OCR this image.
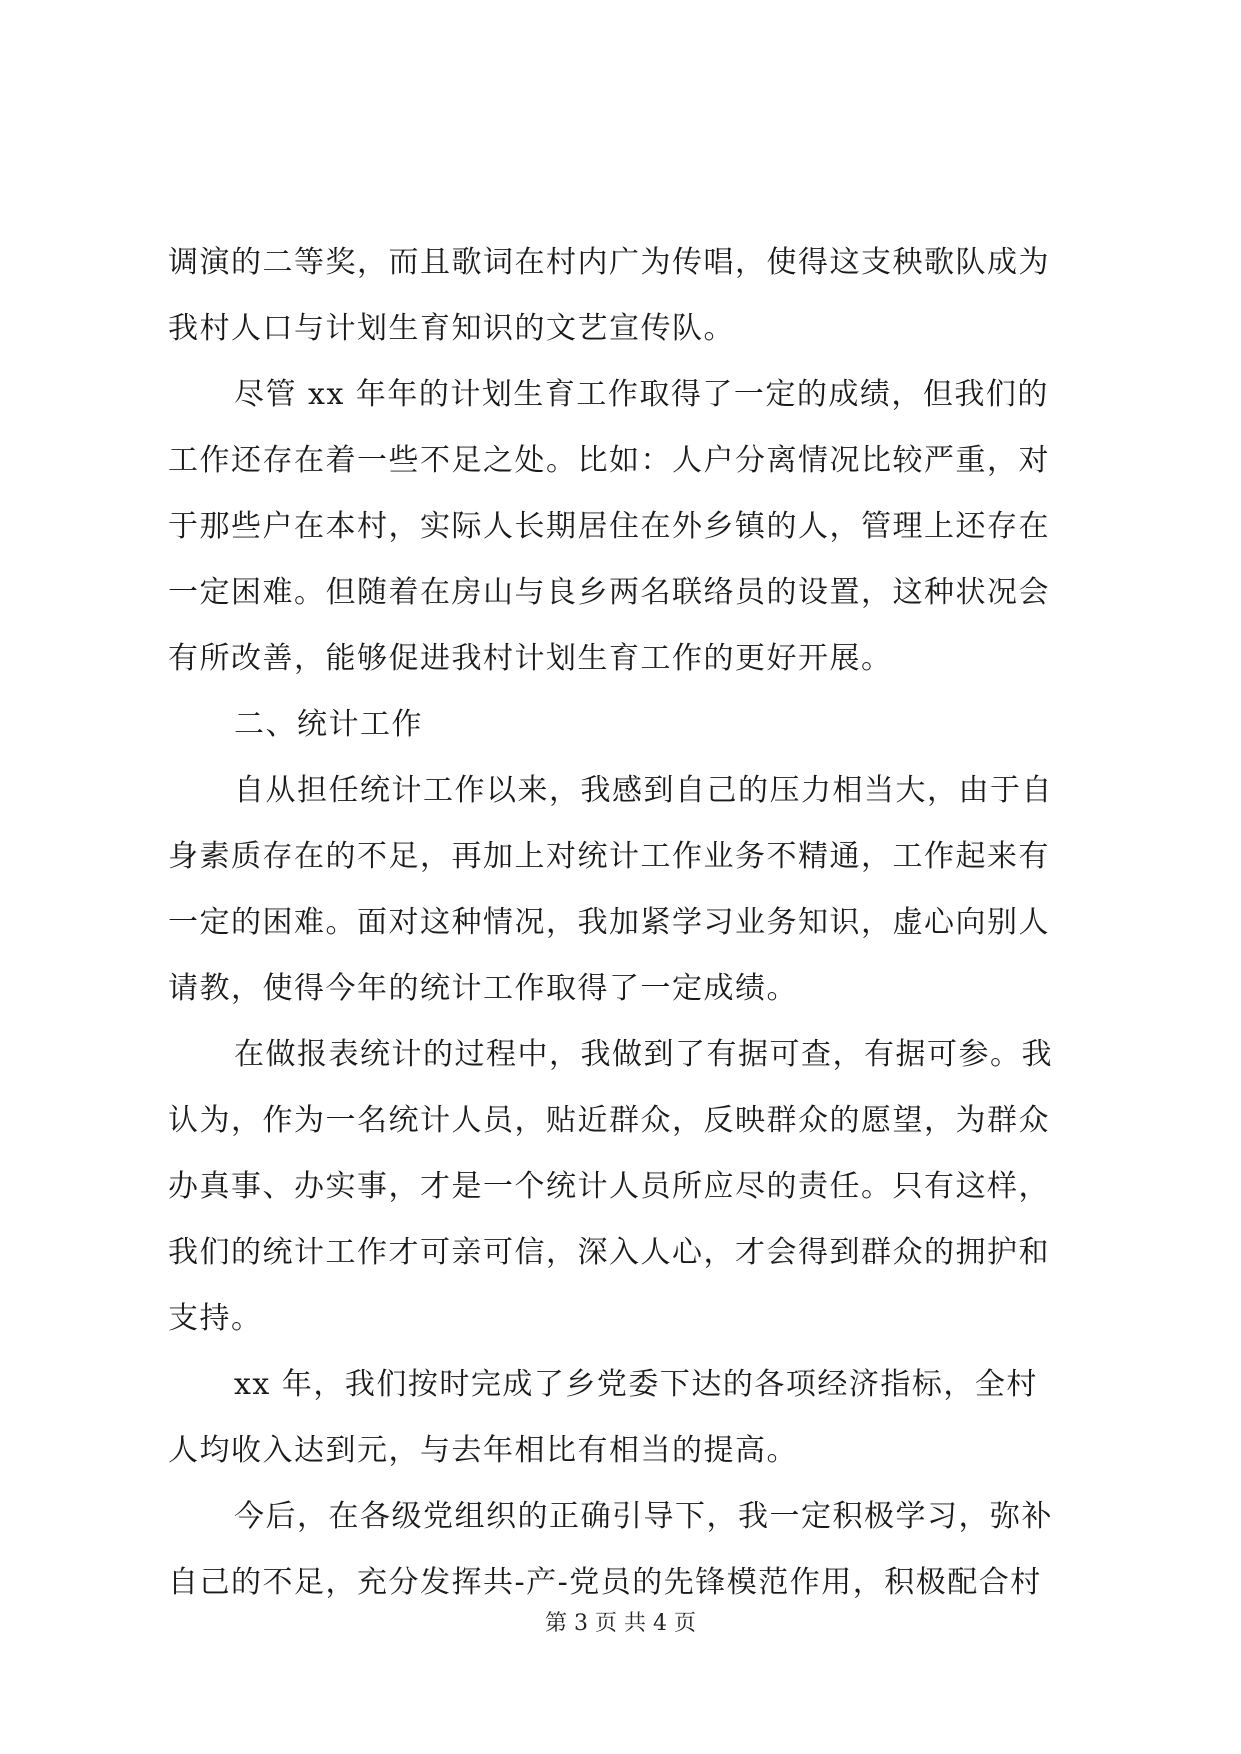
调演的二等奖，而且歌词在村内广为传唱，使得这支秧歌队成为
我村人口与计划生育知识的文艺宣传队。
尽管 xx 年年的计划生育工作取得了一定的成绩，但我们的
工作还存在着一些不足之处。比如：人户分离情况比较严重，对
于那些户在本村，实际人长期居住在外乡镇的人，管理上还存在
一定困难。但随着在房山与良乡两名联络员的设置，这种状况会
有所改善，能够促进我村计划生育工作的更好开展。
二、统计工作
自从担任统计工作以来，我感到自己的压力相当大，由于自
身素质存在的不足，再加上对统计工作业务不精通，工作起来有
一定的困难。面对这种情况，我加紧学习业务知识，虚心向别人
请教，使得今年的统计工作取得了一定成绩。
在做报表统计的过程中，我做到了有据可查，有据可参。我
认为，作为一名统计人员，贴近群众，反映群众的愿望，为群众
办真事、办实事，才是一个统计人员所应尽的责任。只有这样，
我们的统计工作才可亲可信，深入人心，才会得到群众的拥护和
支持。
xx 年，我们按时完成了乡党委下达的各项经济指标，全村
人均收入达到元，与去年相比有相当的提高。
今后，在各级党组织的正确引导下，我一定积极学习，弥补
自己的不足，充分发挥共-产-党员的先锋模范作用，积极配合村
第 3 页 共 4 页
